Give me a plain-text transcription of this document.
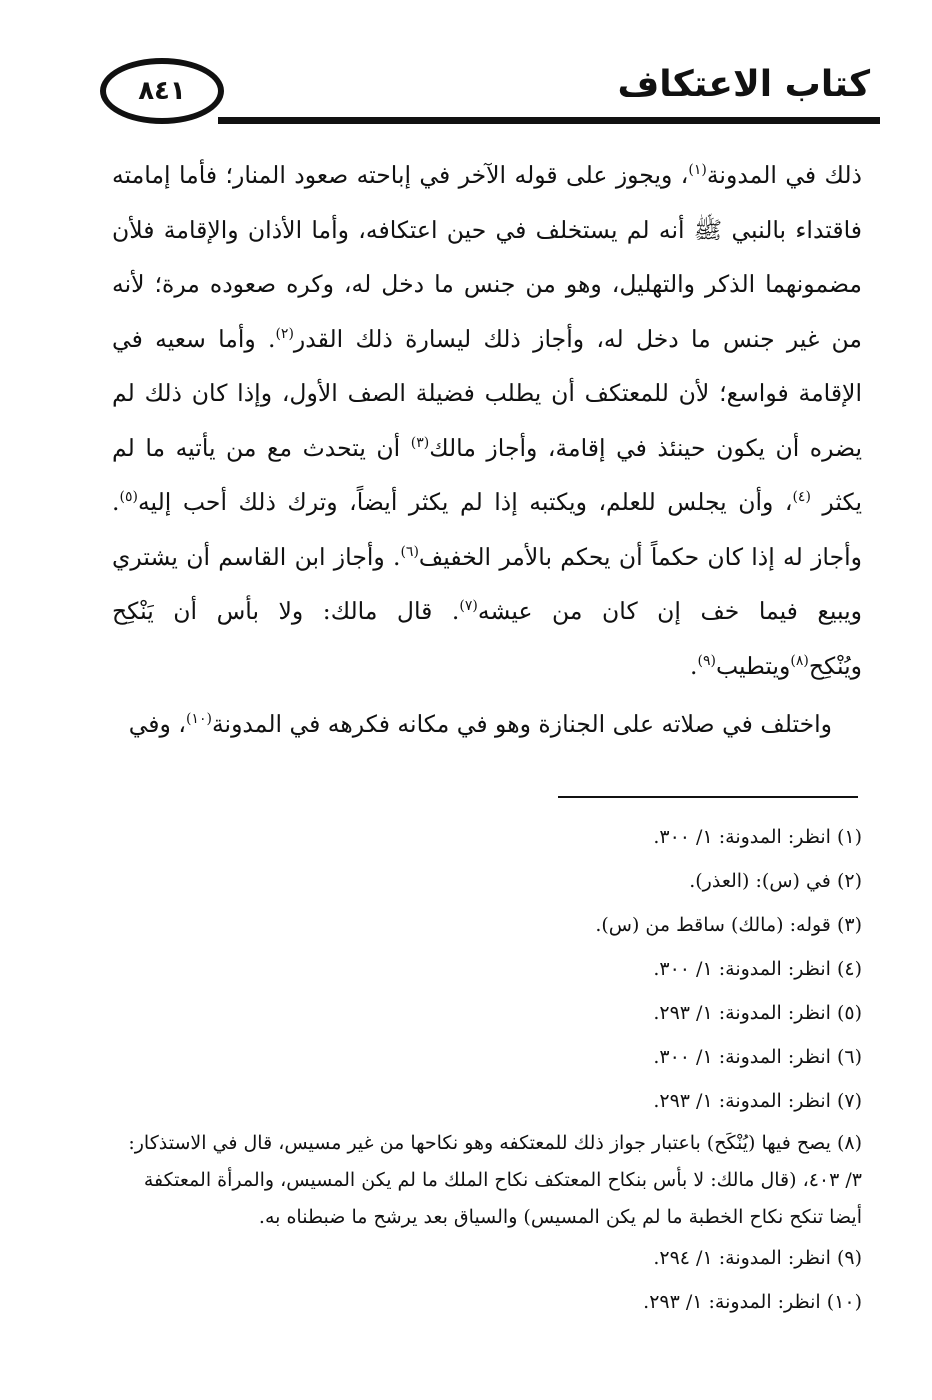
٨٤١	كتاب الاعتكاف

ذلك في المدونة$^{(١)}$، ويجوز على قوله الآخر في إباحته صعود المنار؛ فأما إمامته فاقتداء بالنبي ﷺ أنه لم يستخلف في حين اعتكافه، وأما الأذان والإقامة فلأن مضمونهما الذكر والتهليل، وهو من جنس ما دخل له، وكره صعوده مرة؛ لأنه من غير جنس ما دخل له، وأجاز ذلك ليسارة ذلك القدر$^{(٢)}$. وأما سعيه في الإقامة فواسع؛ لأن للمعتكف أن يطلب فضيلة الصف الأول، وإذا كان ذلك لم يضره أن يكون حينئذ في إقامة، وأجاز مالك$^{(٣)}$ أن يتحدث مع من يأتيه ما لم يكثر $^{(٤)}$، وأن يجلس للعلم، ويكتبه إذا لم يكثر أيضاً، وترك ذلك أحب إليه$^{(٥)}$. وأجاز له إذا كان حكماً أن يحكم بالأمر الخفيف$^{(٦)}$. وأجاز ابن القاسم أن يشتري ويبيع فيما خف إن كان من عيشه$^{(٧)}$. قال مالك: ولا بأس أن يَنْكِح ويُنْكِح$^{(٨)}$ويتطيب$^{(٩)}$.

واختلف في صلاته على الجنازة وهو في مكانه فكرهه في المدونة$^{(١٠)}$، وفي

(١) انظر: المدونة: ١/ ٣٠٠.
(٢) في (س): (العذر).
(٣) قوله: (مالك) ساقط من (س).
(٤) انظر: المدونة: ١/ ٣٠٠.
(٥) انظر: المدونة: ١/ ٢٩٣.
(٦) انظر: المدونة: ١/ ٣٠٠.
(٧) انظر: المدونة: ١/ ٢٩٣.
(٨) يصح فيها (يُنْكَح) باعتبار جواز ذلك للمعتكفه وهو نكاحها من غير مسيس، قال في الاستذكار: ٣/ ٤٠٣، (قال مالك: لا بأس بنكاح المعتكف نكاح الملك ما لم يكن المسيس، والمرأة المعتكفة أيضا تنكح نكاح الخطبة ما لم يكن المسيس) والسياق بعد يرشح ما ضبطناه به.
(٩) انظر: المدونة: ١/ ٢٩٤.
(١٠) انظر: المدونة: ١/ ٢٩٣.
